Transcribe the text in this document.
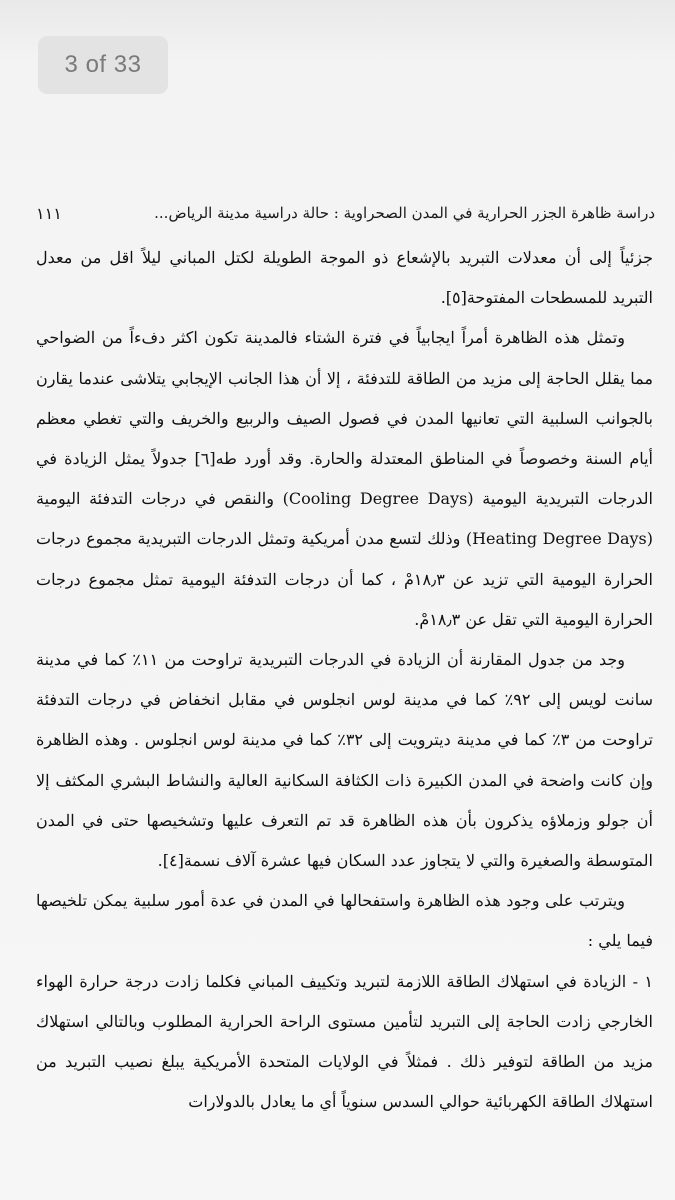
3 of 33
دراسة ظاهرة الجزر الحرارية في المدن الصحراوية : حالة دراسية مدينة الرياض...
١١١

جزئياً إلى أن معدلات التبريد بالإشعاع ذو الموجة الطويلة لكتل المباني ليلاً اقل من معدل التبريد للمسطحات المفتوحة[٥].

وتمثل هذه الظاهرة أمراً ايجابياً في فترة الشتاء فالمدينة تكون اكثر دفءاً من الضواحي مما يقلل الحاجة إلى مزيد من الطاقة للتدفئة ، إلا أن هذا الجانب الإيجابي يتلاشى عندما يقارن بالجوانب السلبية التي تعانيها المدن في فصول الصيف والربيع والخريف والتي تغطي معظم أيام السنة وخصوصاً في المناطق المعتدلة والحارة. وقد أورد طه[٦] جدولاً يمثل الزيادة في الدرجات التبريدية اليومية (Cooling Degree Days) والنقص في درجات التدفئة اليومية (Heating Degree Days) وذلك لتسع مدن أمريكية وتمثل الدرجات التبريدية مجموع درجات الحرارة اليومية التي تزيد عن ١٨٫٣مْ ، كما أن درجات التدفئة اليومية تمثل مجموع درجات الحرارة اليومية التي تقل عن ١٨٫٣مْ.

وجد من جدول المقارنة أن الزيادة في الدرجات التبريدية تراوحت من ١١٪ كما في مدينة سانت لويس إلى ٩٢٪ كما في مدينة لوس انجلوس في مقابل انخفاض في درجات التدفئة تراوحت من ٣٪ كما في مدينة ديترويت إلى ٣٢٪ كما في مدينة لوس انجلوس . وهذه الظاهرة وإن كانت واضحة في المدن الكبيرة ذات الكثافة السكانية العالية والنشاط البشري المكثف إلا أن جولو وزملاؤه يذكرون بأن هذه الظاهرة قد تم التعرف عليها وتشخيصها حتى في المدن المتوسطة والصغيرة والتي لا يتجاوز عدد السكان فيها عشرة آلاف نسمة[٤].

ويترتب على وجود هذه الظاهرة واستفحالها في المدن في عدة أمور سلبية يمكن تلخيصها فيما يلي :

١ - الزيادة في استهلاك الطاقة اللازمة لتبريد وتكييف المباني فكلما زادت درجة حرارة الهواء الخارجي زادت الحاجة إلى التبريد لتأمين مستوى الراحة الحرارية المطلوب وبالتالي استهلاك مزيد من الطاقة لتوفير ذلك . فمثلاً في الولايات المتحدة الأمريكية يبلغ نصيب التبريد من استهلاك الطاقة الكهربائية حوالي السدس سنوياً أي ما يعادل بالدولارات
